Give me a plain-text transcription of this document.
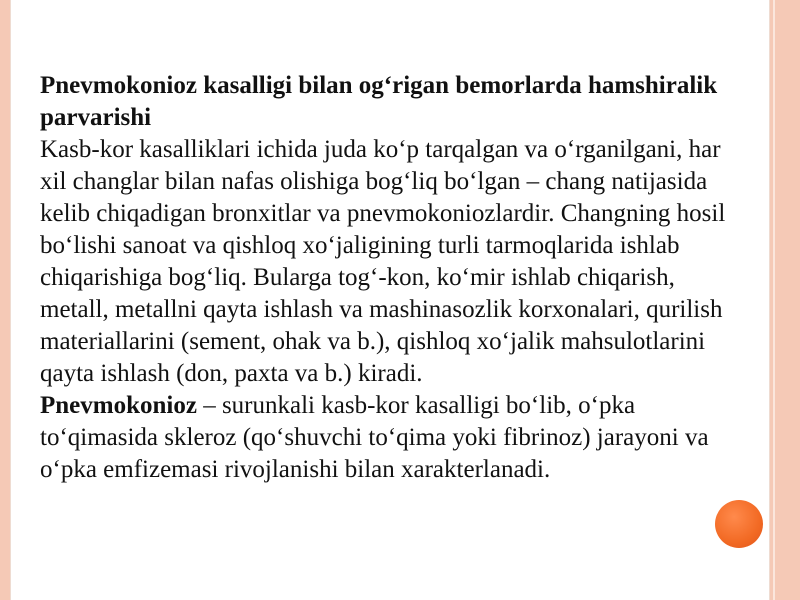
Pnevmokonioz kasalligi bilan og‘rigan bemorlarda hamshiralik parvarishi

Kasb-kor kasalliklari ichida juda ko‘p tarqalgan va o‘rganilgani, har xil changlar bilan nafas olishiga bog‘liq bo‘lgan – chang natijasida kelib chiqadigan bronxitlar va pnevmokoniozlardir. Changning hosil bo‘lishi sanoat va qishloq xo‘jaligining turli tarmoqlarida ishlab chiqarishiga bog‘liq. Bularga tog‘-kon, ko‘mir ishlab chiqarish, metall, metallni qayta ishlash va mashinasozlik korxonalari, qurilish materiallarini (sement, ohak va b.), qishloq xo‘jalik mahsulotlarini qayta ishlash (don, paxta va b.) kiradi.

Pnevmokonioz – surunkali kasb-kor kasalligi bo‘lib, o‘pka to‘qimasida skleroz (qo‘shuvchi to‘qima yoki fibrinoz) jarayoni va o‘pka emfizemasi rivojlanishi bilan xarakterlanadi.
